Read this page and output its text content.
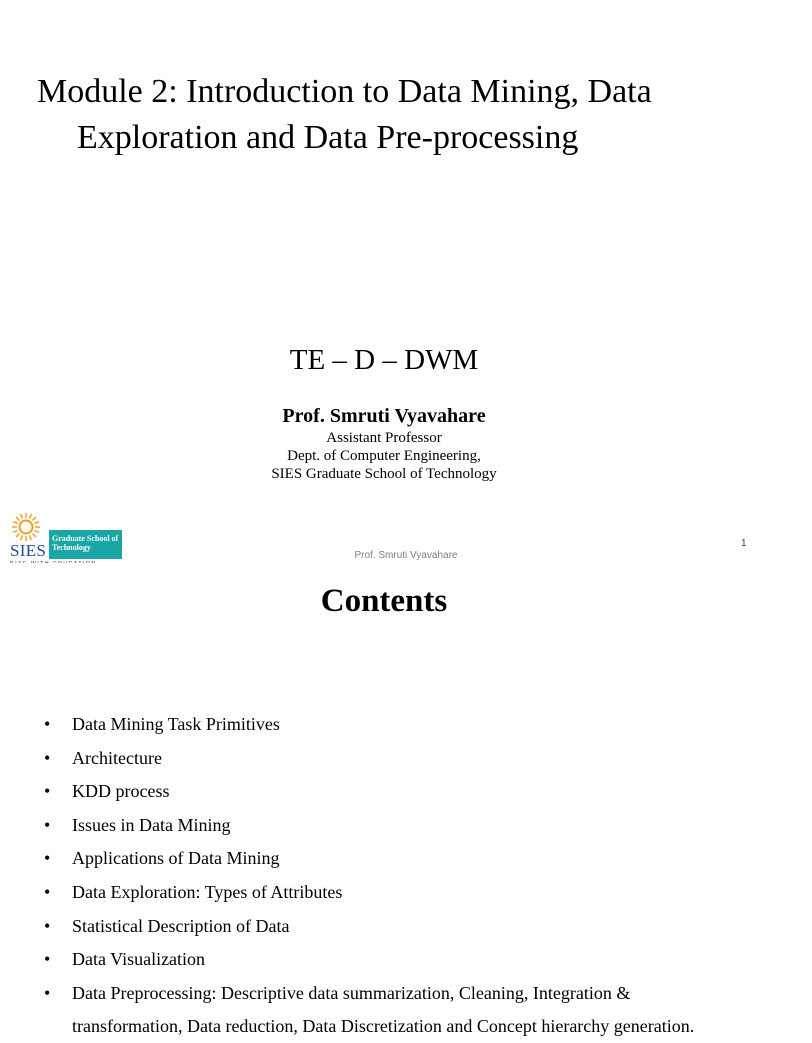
Module 2: Introduction to Data Mining, Data
Exploration and Data Pre-processing
TE – D – DWM
Prof. Smruti Vyavahare
Assistant Professor
Dept. of Computer Engineering,
SIES Graduate School of Technology
SIES
Graduate School of Technology
Prof. Smruti Vyavahare
1
Contents
• Data Mining Task Primitives
• Architecture
• KDD process
• Issues in Data Mining
• Applications of Data Mining
• Data Exploration: Types of Attributes
• Statistical Description of Data
• Data Visualization
• Data Preprocessing: Descriptive data summarization, Cleaning, Integration & transformation, Data reduction, Data Discretization and Concept hierarchy generation.
